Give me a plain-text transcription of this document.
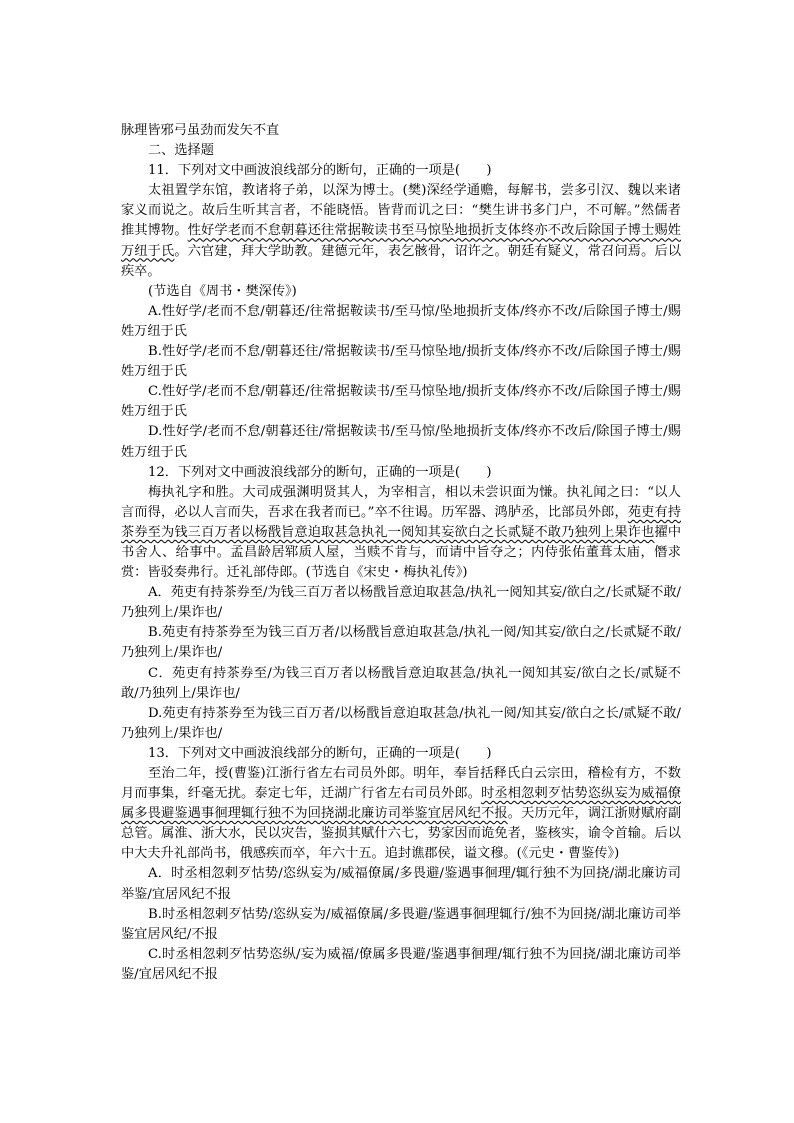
脉理皆邪弓虽劲而发矢不直

二、选择题

11．下列对文中画波浪线部分的断句，正确的一项是(　　)

太祖置学东馆，教诸将子弟，以深为博士。(樊)深经学通赡，每解书，尝多引汉、魏以来诸家义而说之。故后生听其言者，不能晓悟。皆背而讥之曰：“樊生讲书多门户，不可解。”然儒者推其博物。性好学老而不怠朝暮还往常据鞍读书至马惊坠地损折支体终亦不改后除国子博士赐姓万纽于氏。六官建，拜大学助教。建德元年，表乞骸骨，诏许之。朝廷有疑义，常召问焉。后以疾卒。

(节选自《周书・樊深传》)

A.性好学/老而不怠/朝暮还/往常据鞍读书/至马惊/坠地损折支体/终亦不改/后除国子博士/赐姓万纽于氏

B.性好学/老而不怠/朝暮还往/常据鞍读书/至马惊坠地/损折支体/终亦不改/后除国子博士/赐姓万纽于氏

C.性好学/老而不怠/朝暮还/往常据鞍读书/至马惊坠地/损折支体/终亦不改/后除国子博士/赐姓万纽于氏

D.性好学/老而不怠/朝暮还往/常据鞍读书/至马惊/坠地损折支体/终亦不改后/除国子博士/赐姓万纽于氏

12．下列对文中画波浪线部分的断句，正确的一项是(　　)

梅执礼字和胜。大司成强渊明贤其人，为宰相言，相以未尝识面为慊。执礼闻之曰：“以人言而得，必以人言而失，吾求在我者而已。”卒不往谒。历军器、鸿胪丞，比部员外郎，苑吏有持茶券至为钱三百万者以杨戬旨意迫取甚急执礼一阅知其妄欲白之长贰疑不敢乃独列上果诈也擢中书舍人、给事中。孟昌龄居郓质人屋，当赎不肯与，而请中旨夺之；内侍张佑董葺太庙，僭求赏：皆驳奏弗行。迁礼部侍郎。(节选自《宋史・梅执礼传》)

A．苑吏有持茶券至/为钱三百万者以杨戬旨意迫取甚急/执礼一阅知其妄/欲白之/长贰疑不敢/乃独列上/果诈也/

B.苑吏有持茶券至为钱三百万者/以杨戬旨意迫取甚急/执礼一阅/知其妄/欲白之/长贰疑不敢/乃独列上/果诈也/

C．苑吏有持茶券至/为钱三百万者以杨戬旨意迫取甚急/执礼一阅知其妄/欲白之长/贰疑不敢/乃独列上/果诈也/

D.苑吏有持茶券至为钱三百万者/以杨戬旨意迫取甚急/执礼一阅/知其妄/欲白之长/贰疑不敢/乃独列上/果诈也/

13．下列对文中画波浪线部分的断句，正确的一项是(　　)

至治二年，授(曹鉴)江浙行省左右司员外郎。明年，奉旨括释氏白云宗田，稽检有方，不数月而事集，纤毫无扰。泰定七年，迁湖广行省左右司员外郎。时丞相忽剌歹怙势恣纵妄为威福僚属多畏避鉴遇事徊理辄行独不为回挠湖北廉访司举鉴宜居风纪不报。天历元年，调江浙财赋府副总管。属淮、浙大水，民以灾告，鉴损其赋什六七，势家因而诡免者，鉴核实，谕令首输。后以中大夫升礼部尚书，俄感疾而卒，年六十五。追封谯郡侯，谥文穆。(《元史・曹鉴传》)

A．时丞相忽剌歹怙势/恣纵妄为/威福僚属/多畏避/鉴遇事徊理/辄行独不为回挠/湖北廉访司举鉴/宜居风纪不报

B.时丞相忽剌歹怙势/恣纵妄为/威福僚属/多畏避/鉴遇事徊理辄行/独不为回挠/湖北廉访司举鉴宜居风纪/不报

C.时丞相忽剌歹怙势恣纵/妄为威福/僚属多畏避/鉴遇事徊理/辄行独不为回挠/湖北廉访司举鉴/宜居风纪不报
